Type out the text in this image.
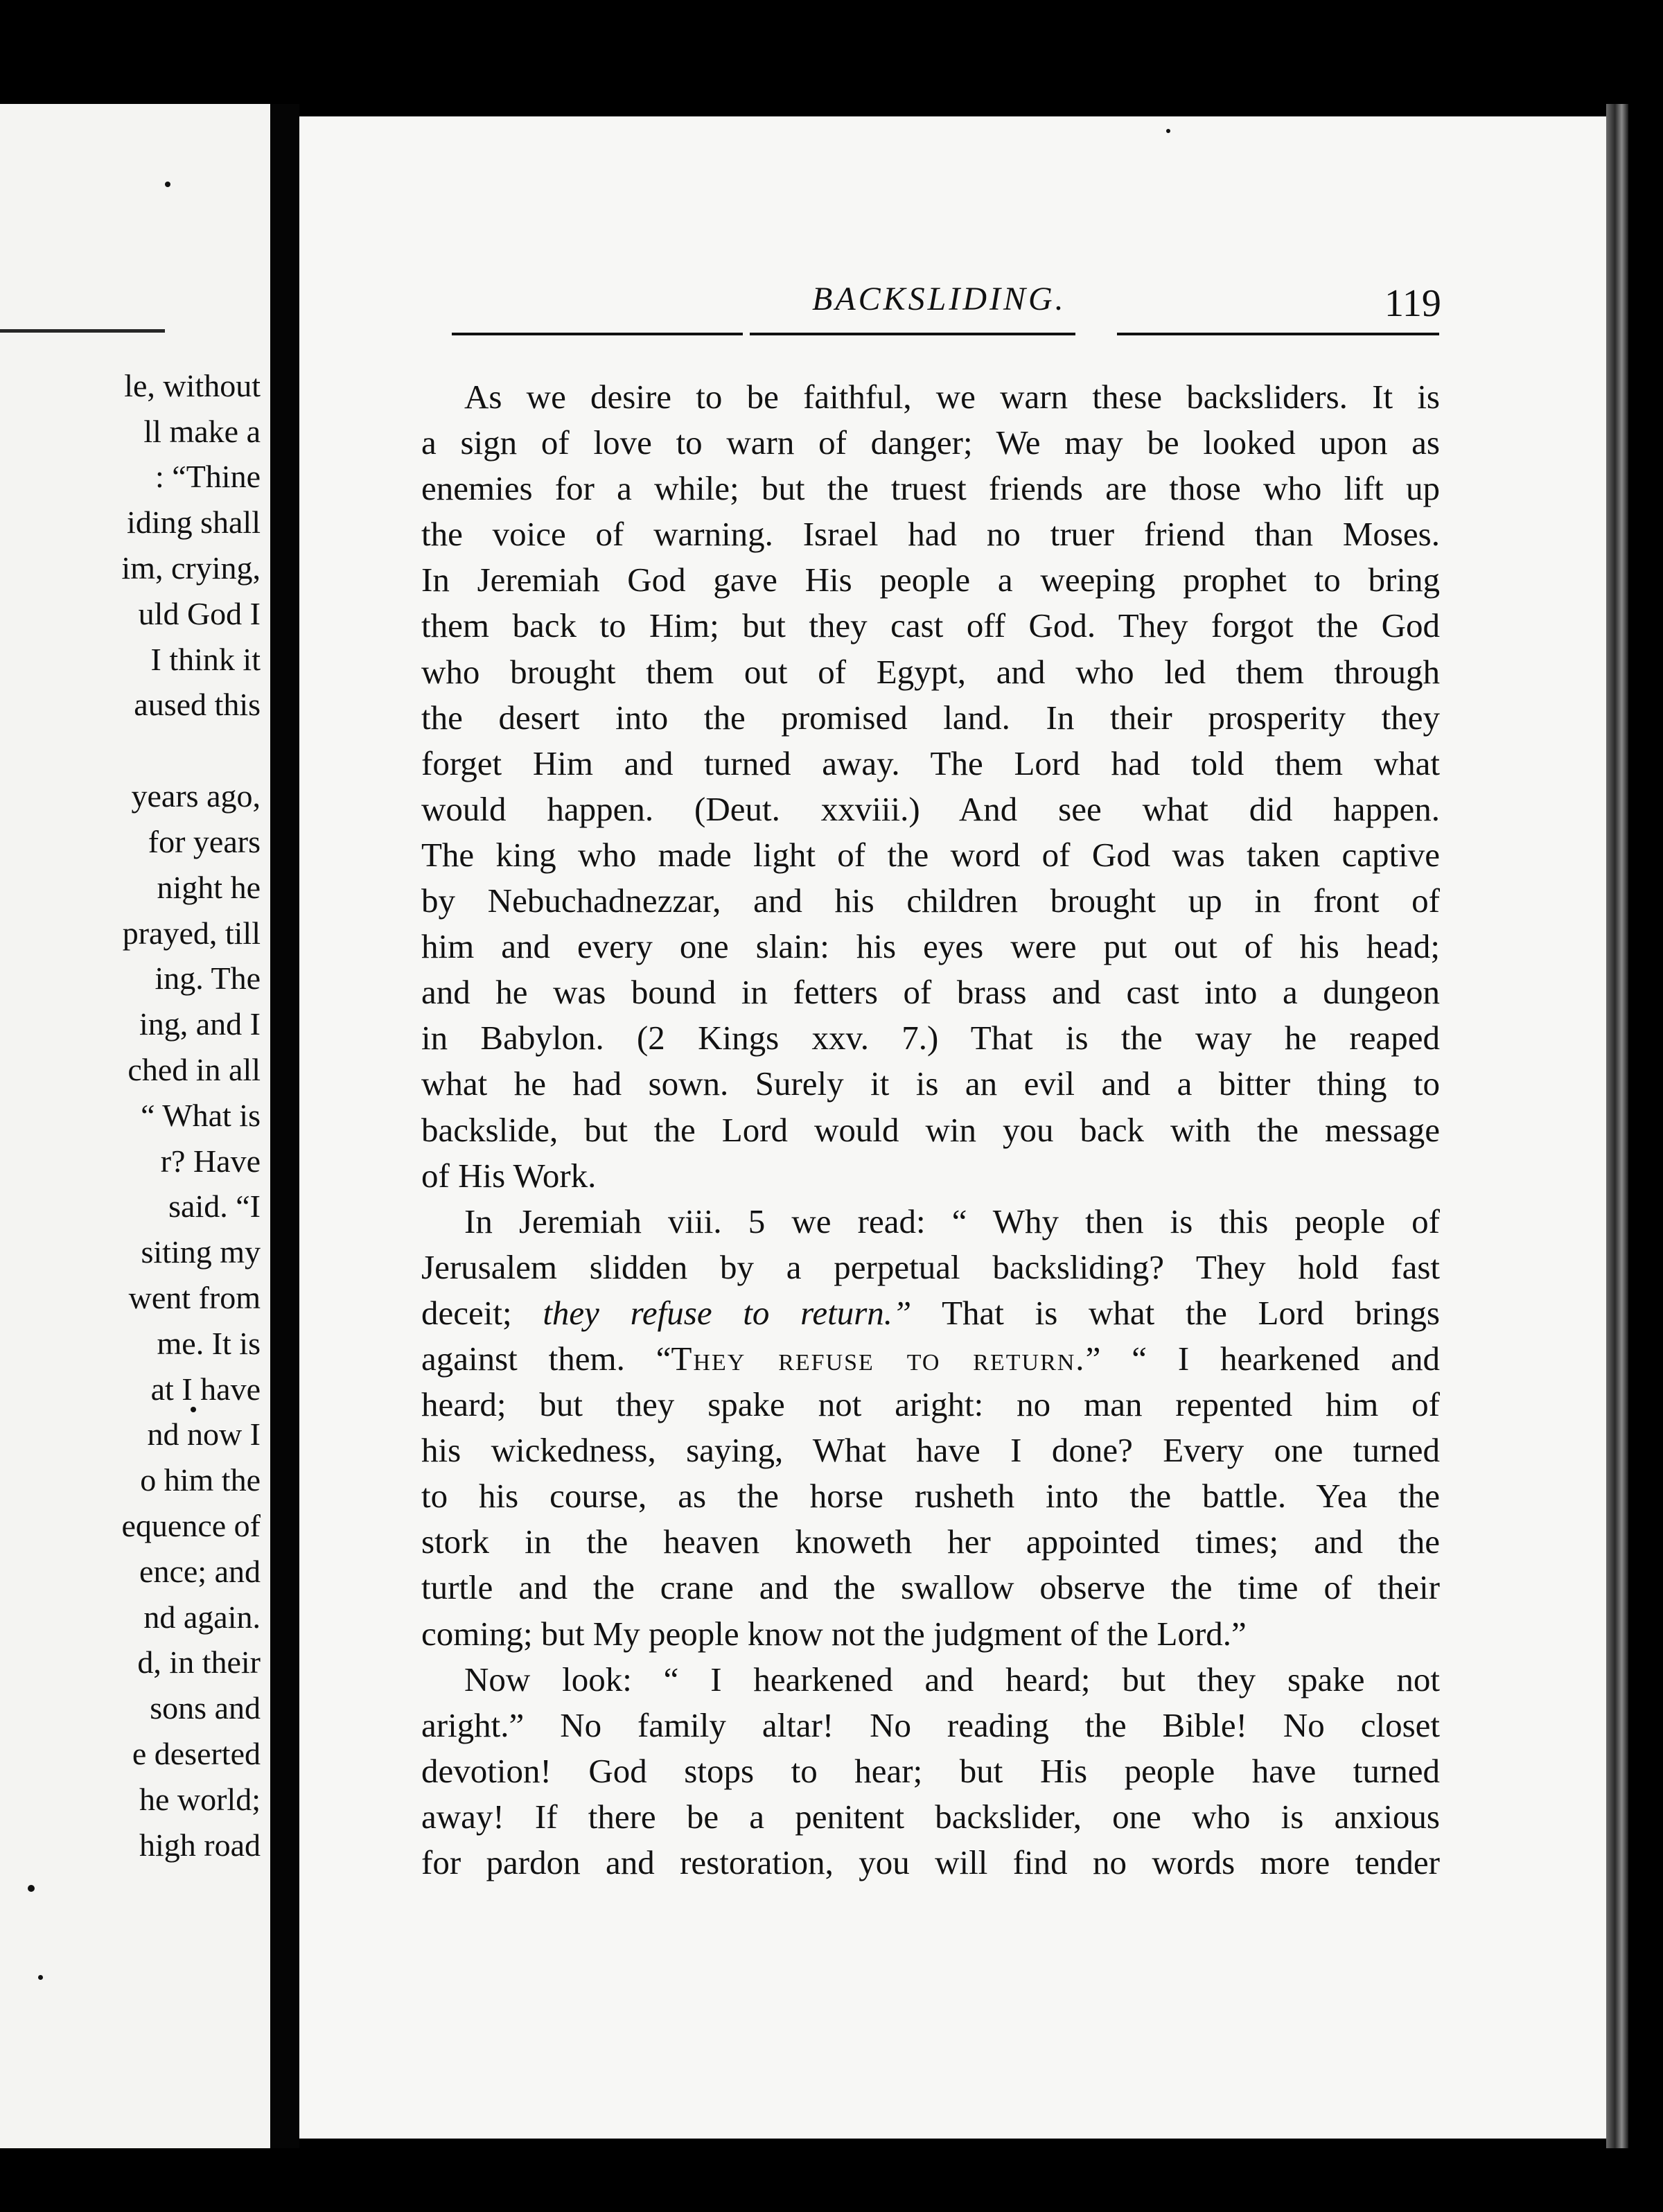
le, without
ll make a
: “Thine
iding shall
im, crying,
uld God I
I think it
aused this
years ago,
for years
night he
prayed, till
ing. The
ing, and I
ched in all
“ What is
r? Have
said. “I
siting my
went from
me. It is
at I have
nd now I
o him the
equence of
ence; and
nd again.
d, in their
sons and
e deserted
he world;
high road
BACKSLIDING.	119
As we desire to be faithful, we warn these backsliders. It is
a sign of love to warn of danger; We may be looked upon as
enemies for a while; but the truest friends are those who lift up
the voice of warning. Israel had no truer friend than Moses.
In Jeremiah God gave His people a weeping prophet to bring
them back to Him; but they cast off God. They forgot the God
who brought them out of Egypt, and who led them through
the desert into the promised land. In their prosperity they
forget Him and turned away. The Lord had told them what
would happen. (Deut. xxviii.) And see what did happen.
The king who made light of the word of God was taken captive
by Nebuchadnezzar, and his children brought up in front of
him and every one slain: his eyes were put out of his head;
and he was bound in fetters of brass and cast into a dungeon
in Babylon. (2 Kings xxv. 7.) That is the way he reaped
what he had sown. Surely it is an evil and a bitter thing to
backslide, but the Lord would win you back with the message
of His Work.
In Jeremiah viii. 5 we read: “ Why then is this people of
Jerusalem slidden by a perpetual backsliding? They hold fast
deceit; they refuse to return.” That is what the Lord brings
against them. “They refuse to return.” “ I hearkened and
heard; but they spake not aright: no man repented him of
his wickedness, saying, What have I done? Every one turned
to his course, as the horse rusheth into the battle. Yea the
stork in the heaven knoweth her appointed times; and the
turtle and the crane and the swallow observe the time of their
coming; but My people know not the judgment of the Lord.”
Now look: “ I hearkened and heard; but they spake not
aright.” No family altar! No reading the Bible! No closet
devotion! God stops to hear; but His people have turned
away! If there be a penitent backslider, one who is anxious
for pardon and restoration, you will find no words more tender
